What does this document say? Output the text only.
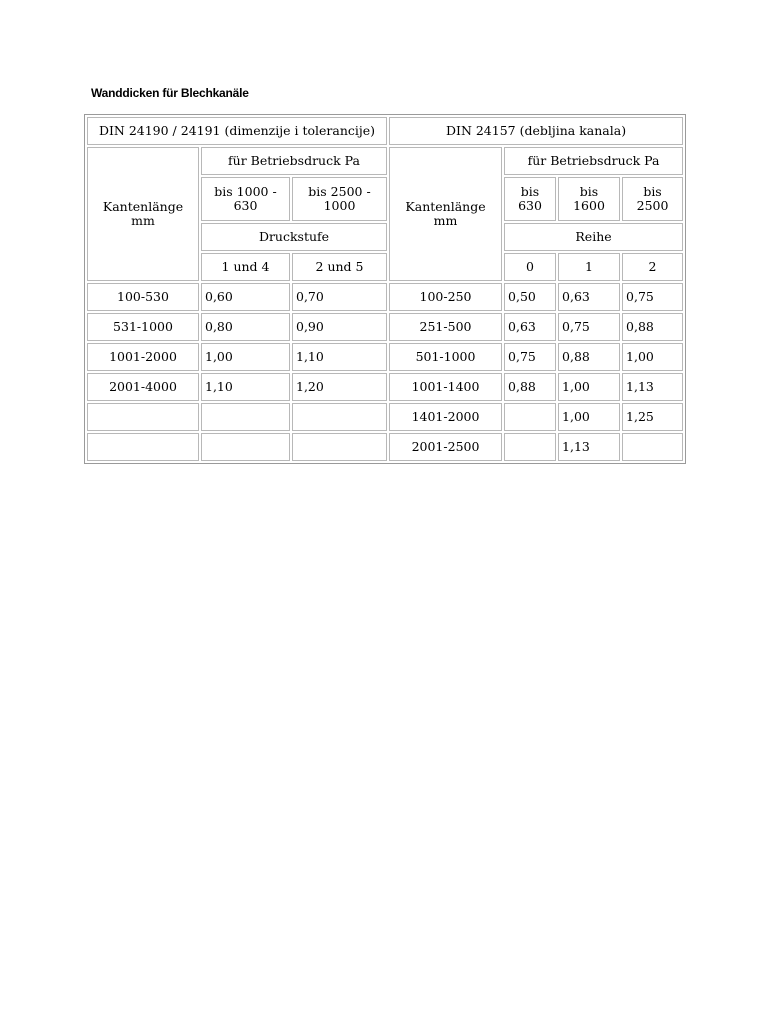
Wanddicken für Blechkanäle
DIN 24190 / 24191 (dimenzije i tolerancije)			DIN 24157 (debljina kanala)			
Kantenlänge mm	für Betriebsdruck Pa		Kantenlänge mm	für Betriebsdruck Pa		
	bis 1000 - 630	bis 2500 - 1000		bis 630	bis 1600	bis 2500
	Druckstufe			Reihe		
	1 und 4	2 und 5		0	1	2
100-530	0,60	0,70	100-250	0,50	0,63	0,75
531-1000	0,80	0,90	251-500	0,63	0,75	0,88
1001-2000	1,00	1,10	501-1000	0,75	0,88	1,00
2001-4000	1,10	1,20	1001-1400	0,88	1,00	1,13
			1401-2000		1,00	1,25
			2001-2500		1,13	
